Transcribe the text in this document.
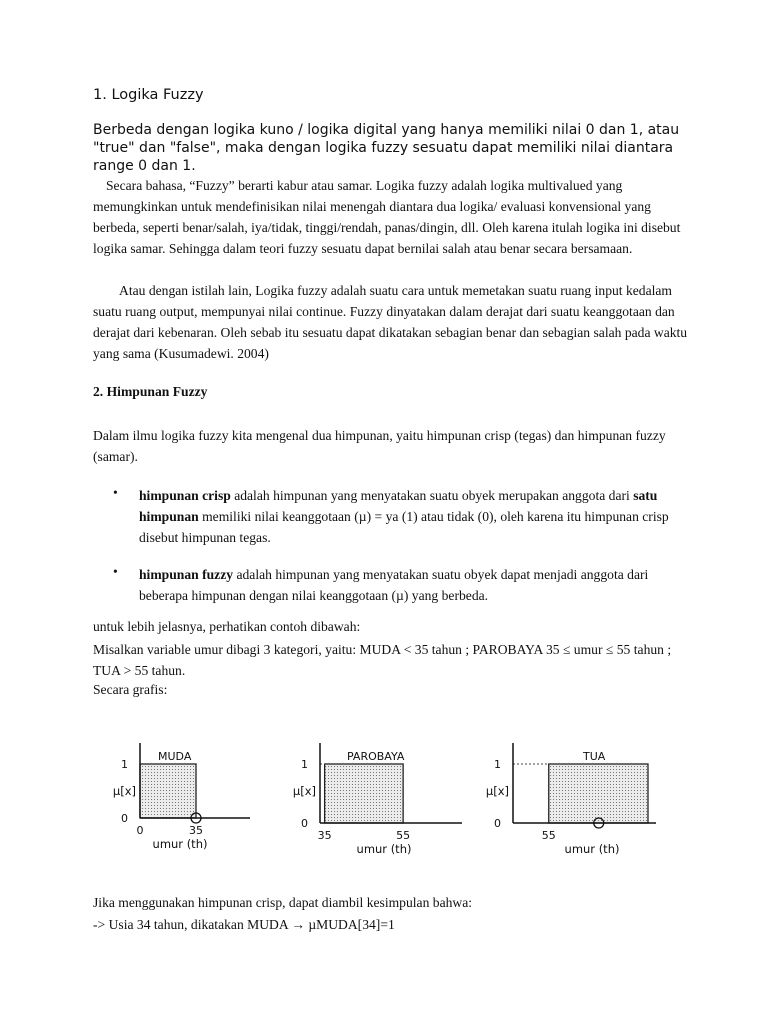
1. Logika Fuzzy
Berbeda dengan logika kuno / logika digital yang hanya memiliki nilai 0 dan 1, atau "true" dan "false", maka dengan logika fuzzy sesuatu dapat memiliki nilai diantara range 0 dan 1.
Secara bahasa, “Fuzzy” berarti kabur atau samar. Logika fuzzy adalah logika multivalued yang memungkinkan untuk mendefinisikan nilai menengah diantara dua logika/ evaluasi konvensional yang berbeda, seperti benar/salah, iya/tidak, tinggi/rendah, panas/dingin, dll. Oleh karena itulah logika ini disebut logika samar. Sehingga dalam teori fuzzy sesuatu dapat bernilai salah atau benar secara bersamaan.
Atau dengan istilah lain, Logika fuzzy adalah suatu cara untuk memetakan suatu ruang input kedalam suatu ruang output, mempunyai nilai continue. Fuzzy dinyatakan dalam derajat dari suatu keanggotaan dan derajat dari kebenaran. Oleh sebab itu sesuatu dapat dikatakan sebagian benar dan sebagian salah pada waktu yang sama (Kusumadewi. 2004)
2. Himpunan Fuzzy
Dalam ilmu logika fuzzy kita mengenal dua himpunan, yaitu himpunan crisp (tegas) dan himpunan fuzzy (samar).
• himpunan crisp adalah himpunan yang menyatakan suatu obyek merupakan anggota dari satu himpunan memiliki nilai keanggotaan (µ) = ya (1) atau tidak (0), oleh karena itu himpunan crisp disebut himpunan tegas.
• himpunan fuzzy adalah himpunan yang menyatakan suatu obyek dapat menjadi anggota dari beberapa himpunan dengan nilai keanggotaan (µ) yang berbeda.
untuk lebih jelasnya, perhatikan contoh dibawah:
Misalkan variable umur dibagi 3 kategori, yaitu: MUDA < 35 tahun ; PAROBAYA 35 ≤ umur ≤ 55 tahun ; TUA > 55 tahun.
Secara grafis:
MUDA
1
0
µ[x]
0	35
umur (th)
PAROBAYA
1
0
µ[x]
35	55
umur (th)
TUA
1
0
µ[x]
55
umur (th)
Jika menggunakan himpunan crisp, dapat diambil kesimpulan bahwa:
-> Usia 34 tahun, dikatakan MUDA → µMUDA[34]=1
